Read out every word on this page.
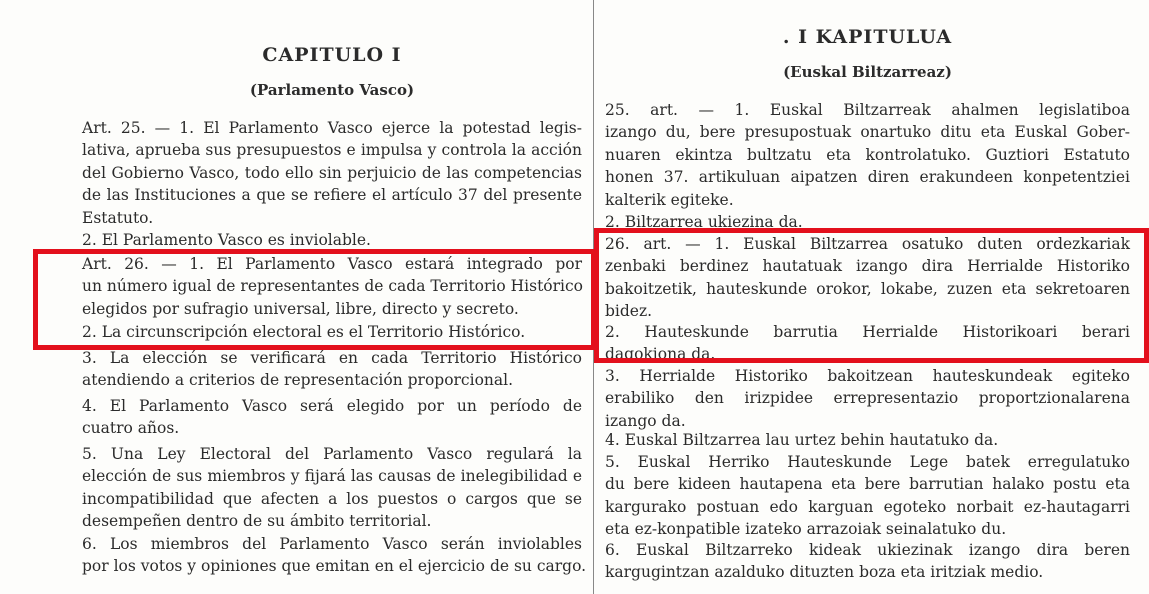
CAPITULO I
(Parlamento Vasco)
Art. 25. — 1. El Parlamento Vasco ejerce la potestad legis-
lativa, aprueba sus presupuestos e impulsa y controla la acción
del Gobierno Vasco, todo ello sin perjuicio de las competencias
de las Instituciones a que se refiere el artículo 37 del presente
Estatuto.
2. El Parlamento Vasco es inviolable.
Art. 26. — 1. El Parlamento Vasco estará integrado por
un número igual de representantes de cada Territorio Histórico
elegidos por sufragio universal, libre, directo y secreto.
2. La circunscripción electoral es el Territorio Histórico.
3. La elección se verificará en cada Territorio Histórico
atendiendo a criterios de representación proporcional.
4. El Parlamento Vasco será elegido por un período de
cuatro años.
5. Una Ley Electoral del Parlamento Vasco regulará la
elección de sus miembros y fijará las causas de inelegibilidad e
incompatibilidad que afecten a los puestos o cargos que se
desempeñen dentro de su ámbito territorial.
6. Los miembros del Parlamento Vasco serán inviolables
por los votos y opiniones que emitan en el ejercicio de su cargo.
. I KAPITULUA
(Euskal Biltzarreaz)
25. art. — 1. Euskal Biltzarreak ahalmen legislatiboa
izango du, bere presupostuak onartuko ditu eta Euskal Gober-
nuaren ekintza bultzatu eta kontrolatuko. Guztiori Estatuto
honen 37. artikuluan aipatzen diren erakundeen konpetentziei
kalterik egiteke.
2. Biltzarrea ukiezina da.
26. art. — 1. Euskal Biltzarrea osatuko duten ordezkariak
zenbaki berdinez hautatuak izango dira Herrialde Historiko
bakoitzetik, hauteskunde orokor, lokabe, zuzen eta sekretoaren
bidez.
2. Hauteskunde barrutia Herrialde Historikoari berari
dagokiona da.
3. Herrialde Historiko bakoitzean hauteskundeak egiteko
erabiliko den irizpidee errepresentazio proportzionalarena
izango da.
4. Euskal Biltzarrea lau urtez behin hautatuko da.
5. Euskal Herriko Hauteskunde Lege batek erregulatuko
du bere kideen hautapena eta bere barrutian halako postu eta
kargurako postuan edo karguan egoteko norbait ez-hautagarri
eta ez-konpatible izateko arrazoiak seinalatuko du.
6. Euskal Biltzarreko kideak ukiezinak izango dira beren
kargugintzan azalduko dituzten boza eta iritziak medio.
